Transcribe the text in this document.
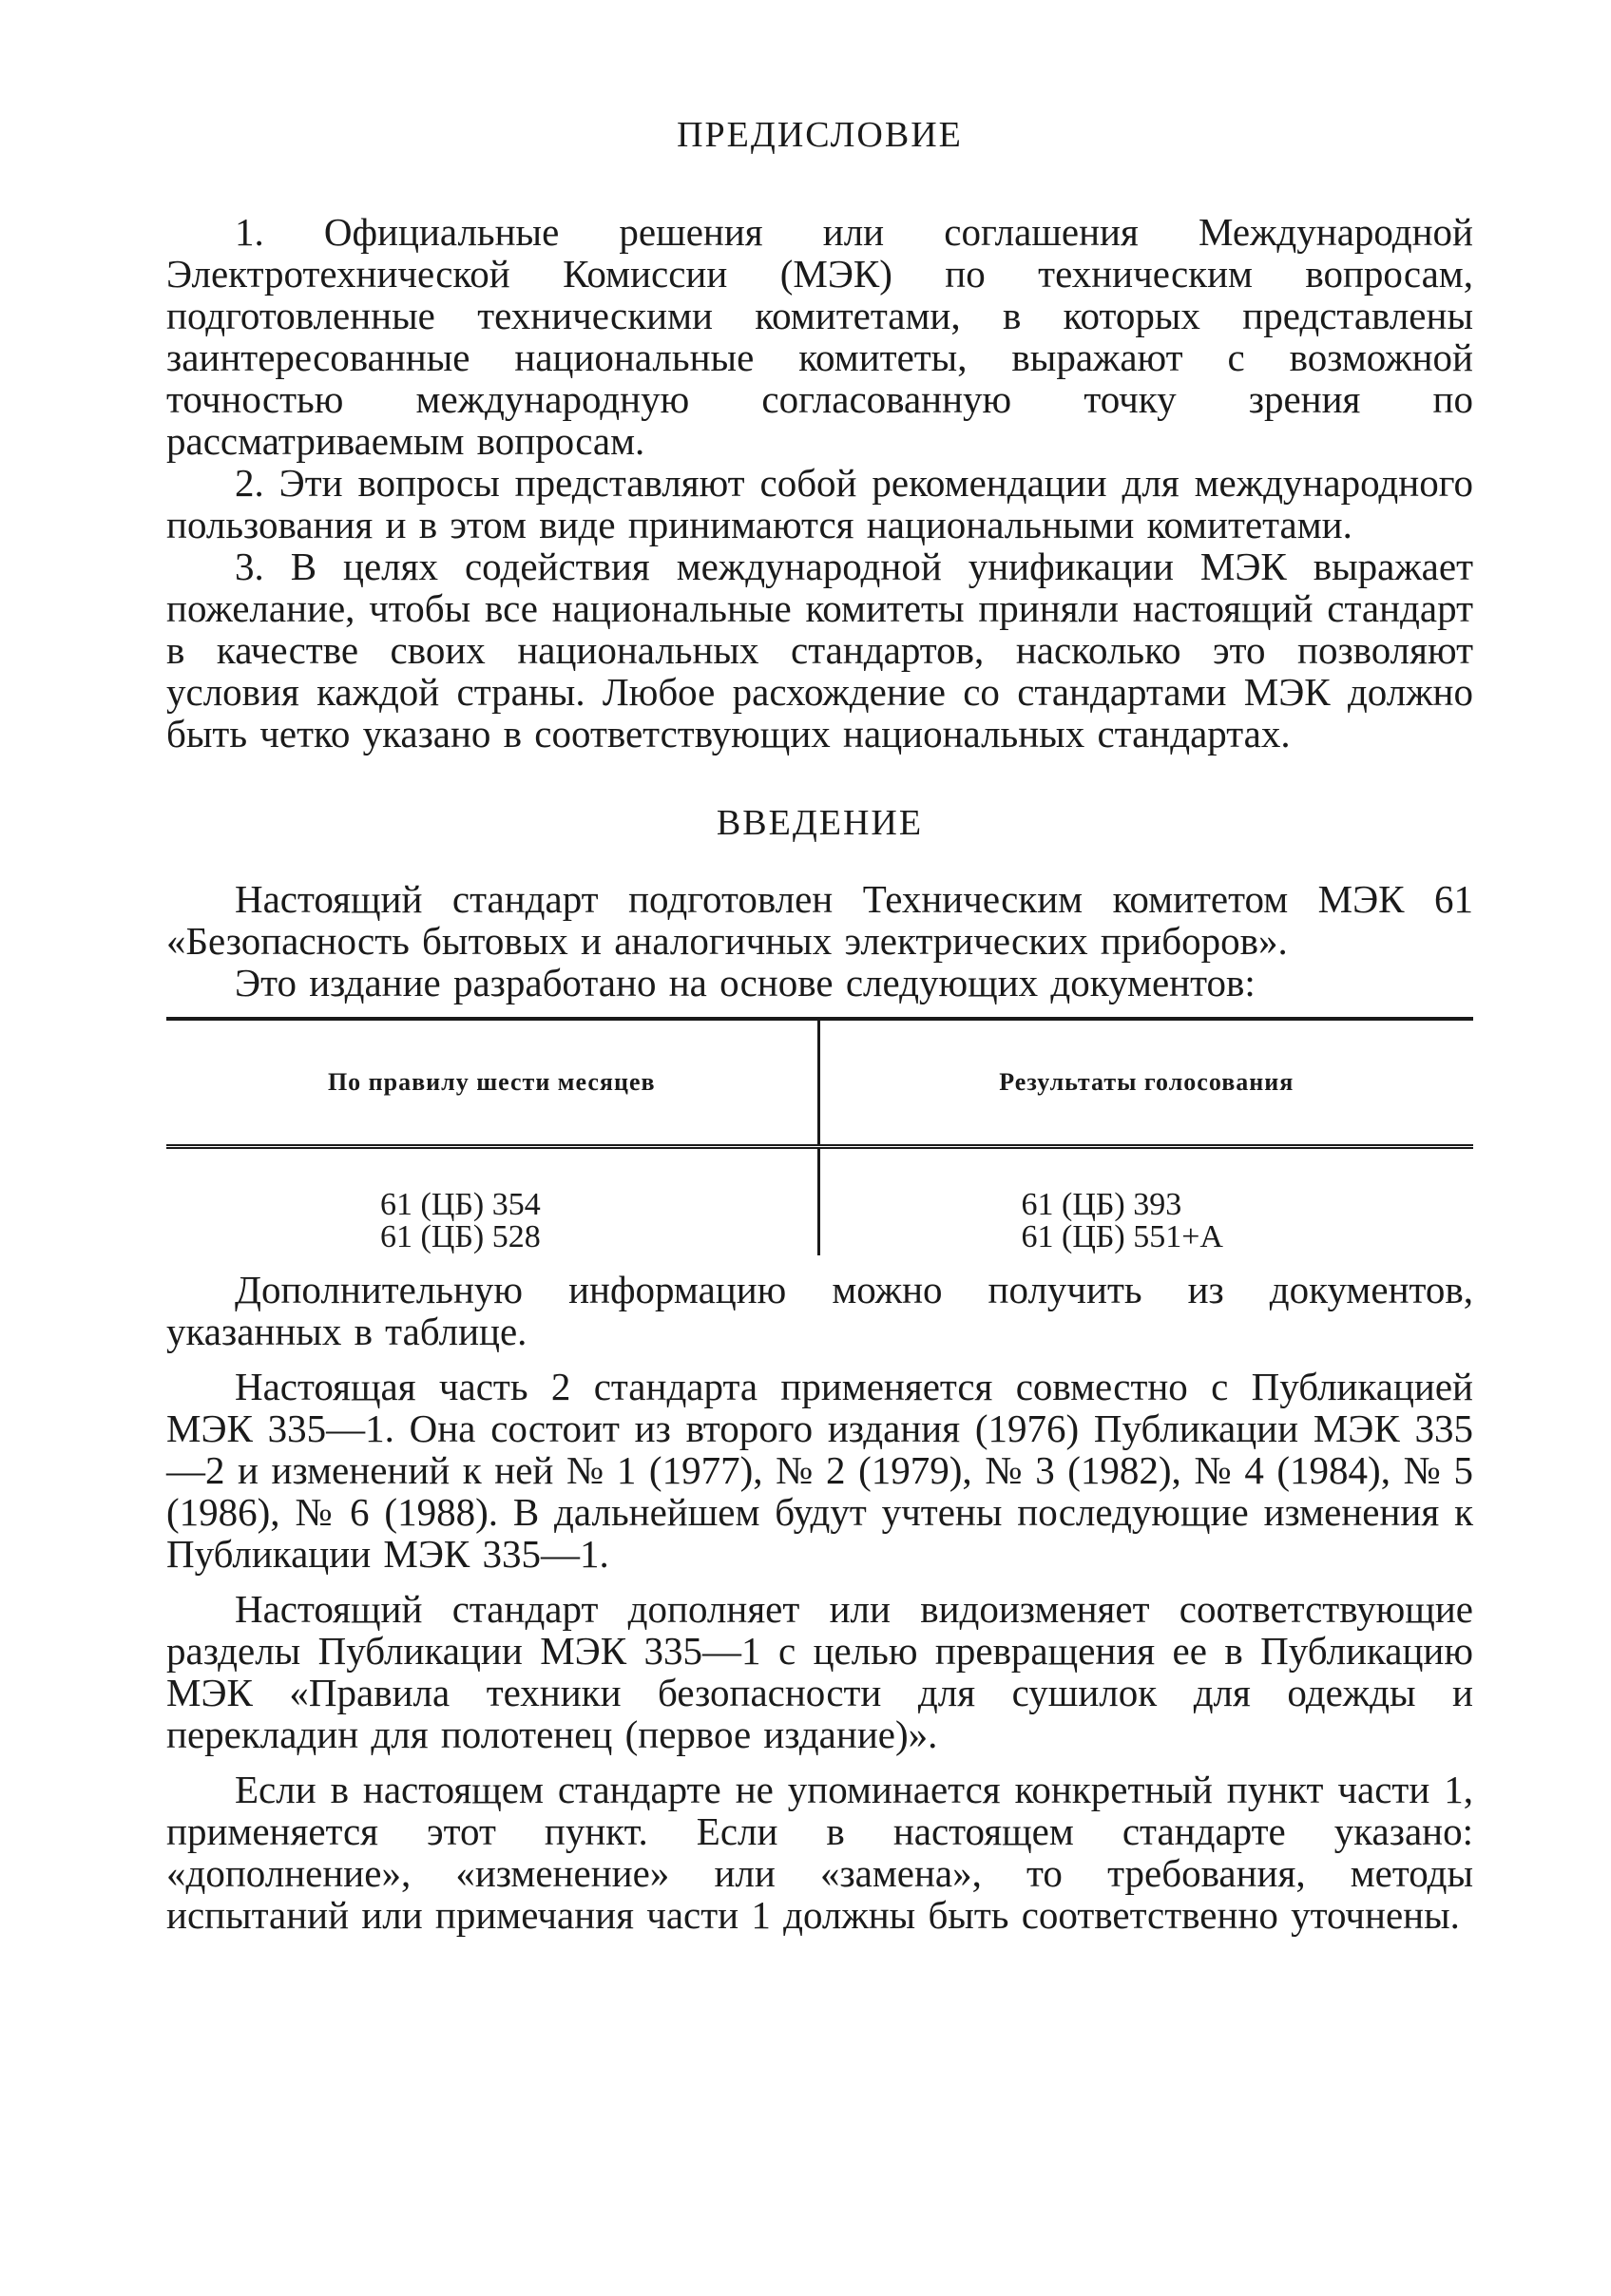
ПРЕДИСЛОВИЕ

1. Официальные решения или соглашения Международной Электротехнической Комиссии (МЭК) по техническим вопросам, подготовленные техническими комитетами, в которых представлены заинтересованные национальные комитеты, выражают с возможной точностью международную согласованную точку зрения по рассматриваемым вопросам.

2. Эти вопросы представляют собой рекомендации для международного пользования и в этом виде принимаются национальными комитетами.

3. В целях содействия международной унификации МЭК выражает пожелание, чтобы все национальные комитеты приняли настоящий стандарт в качестве своих национальных стандартов, насколько это позволяют условия каждой страны. Любое расхождение со стандартами МЭК должно быть четко указано в соответствующих национальных стандартах.

ВВЕДЕНИЕ

Настоящий стандарт подготовлен Техническим комитетом МЭК 61 «Безопасность бытовых и аналогичных электрических приборов».

Это издание разработано на основе следующих документов:

По правилу шести месяцев	Результаты голосования
61 (ЦБ) 354
61 (ЦБ) 528
61 (ЦБ) 393
61 (ЦБ) 551+А

Дополнительную информацию можно получить из документов, указанных в таблице.

Настоящая часть 2 стандарта применяется совместно с Публикацией МЭК 335—1. Она состоит из второго издания (1976) Публикации МЭК 335—2 и изменений к ней № 1 (1977), № 2 (1979), № 3 (1982), № 4 (1984), № 5 (1986), № 6 (1988). В дальнейшем будут учтены последующие изменения к Публикации МЭК 335—1.

Настоящий стандарт дополняет или видоизменяет соответствующие разделы Публикации МЭК 335—1 с целью превращения ее в Публикацию МЭК «Правила техники безопасности для сушилок для одежды и перекладин для полотенец (первое издание)».

Если в настоящем стандарте не упоминается конкретный пункт части 1, применяется этот пункт. Если в настоящем стандарте указано: «дополнение», «изменение» или «замена», то требования, методы испытаний или примечания части 1 должны быть соответственно уточнены.
